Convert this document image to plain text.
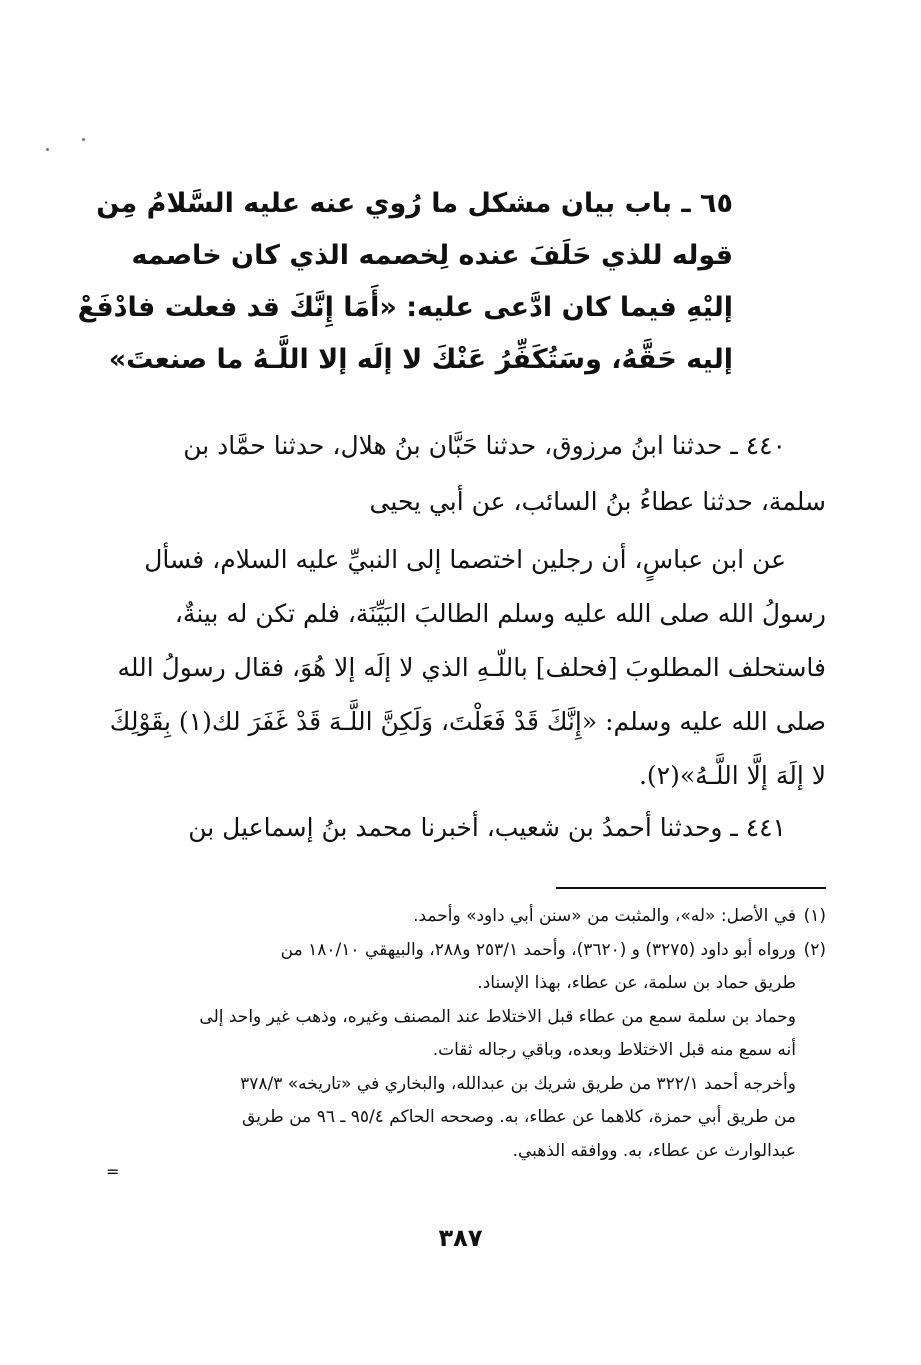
٦٥ ـ باب بيان مشكل ما رُوي عنه عليه السَّلامُ مِن
قوله للذي حَلَفَ عنده لِخصمه الذي كان خاصمه
إليْهِ فيما كان ادَّعى عليه: «أَمَا إِنَّكَ قد فعلت فادْفَعْ
إليه حَقَّهُ، وسَتُكَفِّرُ عَنْكَ لا إلَه إلا اللَّـهُ ما صنعتَ»
٤٤٠ ـ حدثنا ابنُ مرزوق، حدثنا حَبَّان بنُ هلال، حدثنا حمَّاد بن
سلمة، حدثنا عطاءُ بنُ السائب، عن أبي يحيى
عن ابن عباسٍ، أن رجلين اختصما إلى النبيِّ عليه السلام، فسأل
رسولُ الله صلى الله عليه وسلم الطالبَ البَيِّنَة، فلم تكن له بينةٌ،
فاستحلف المطلوبَ [فحلف] باللّـهِ الذي لا إلَه إلا هُوَ، فقال رسولُ الله
صلى الله عليه وسلم: «إِنَّكَ قَدْ فَعَلْتَ، وَلَكِنَّ اللَّـهَ قَدْ غَفَرَ لك(١) بِقَوْلِكَ
لا إلَهَ إلَّا اللَّـهُ»(٢).
٤٤١ ـ وحدثنا أحمدُ بن شعيب، أخبرنا محمد بنُ إسماعيل بن
(١)في الأصل: «له»، والمثبت من «سنن أبي داود» وأحمد.
(٢)ورواه أبو داود (٣٢٧٥) و (٣٦٢٠)، وأحمد ٢٥٣/١ و٢٨٨، والبيهقي ١٨٠/١٠ من
طريق حماد بن سلمة، عن عطاء، بهذا الإسناد.
وحماد بن سلمة سمع من عطاء قبل الاختلاط عند المصنف وغيره، وذهب غير واحد إلى
أنه سمع منه قبل الاختلاط وبعده، وباقي رجاله ثقات.
وأخرجه أحمد ٣٢٢/١ من طريق شريك بن عبدالله، والبخاري في «تاريخه» ٣٧٨/٣
من طريق أبي حمزة، كلاهما عن عطاء، به. وصححه الحاكم ٩٥/٤ ـ ٩٦ من طريق
عبدالوارث عن عطاء، به. ووافقه الذهبي.
=
٣٨٧
